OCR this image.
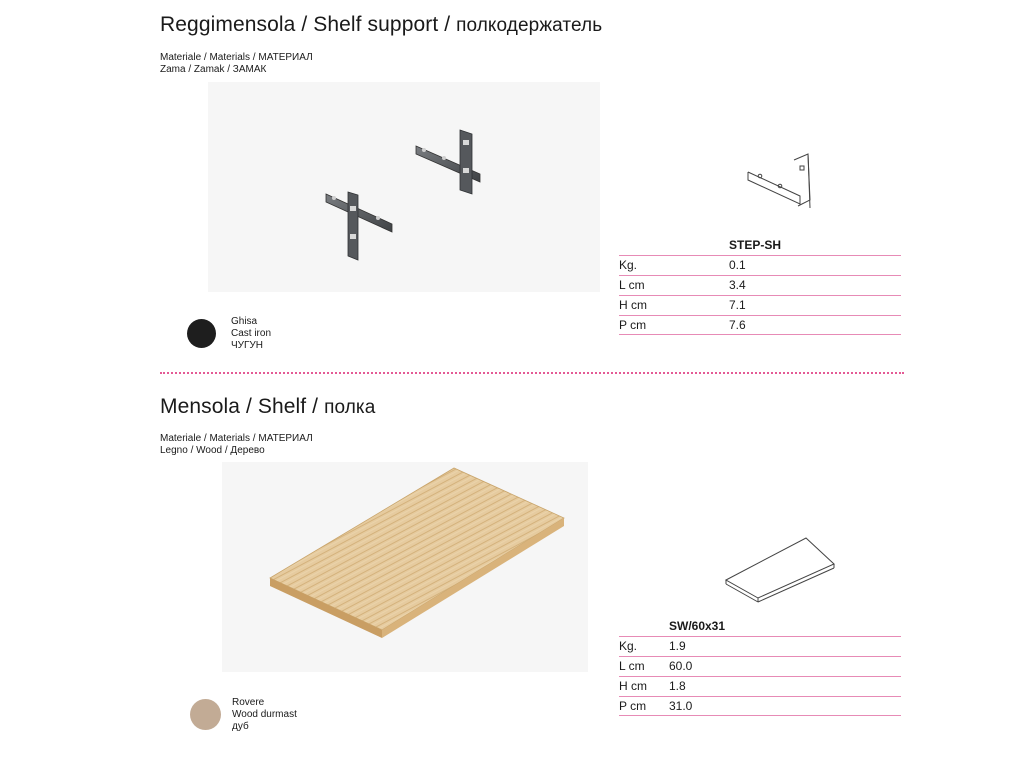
Reggimensola / Shelf support / полкодержатель
Materiale / Materials / МАТЕРИАЛ
Zama / Zamak / ЗАМАК
Ghisa
Cast iron
ЧУГУН
STEP-SH
Kg.	0.1
L cm	3.4
H cm	7.1
P cm	7.6
Mensola / Shelf / полка
Materiale / Materials / МАТЕРИАЛ
Legno / Wood / Дерево
Rovere
Wood durmast
дуб
SW/60x31
Kg.	1.9
L cm 60.0
H cm 1.8
P cm 31.0
